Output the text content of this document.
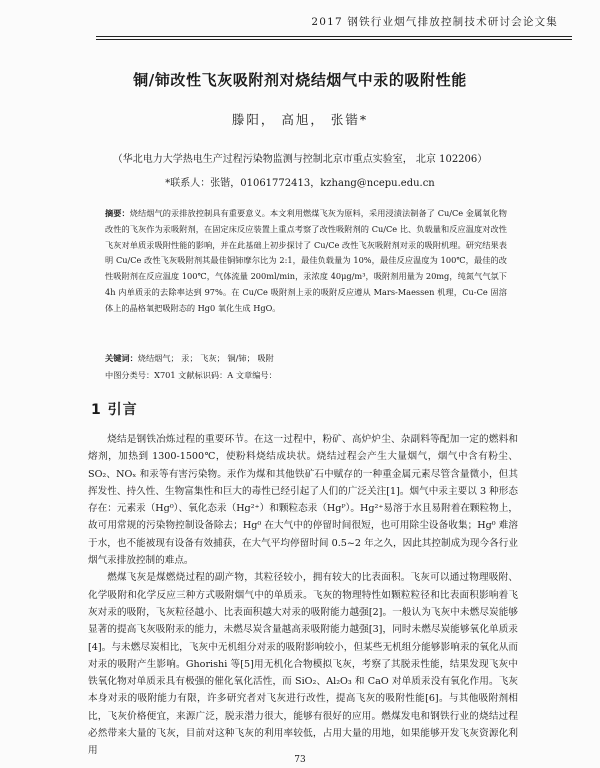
2017 钢铁行业烟气排放控制技术研讨会论文集
铜/铈改性飞灰吸附剂对烧结烟气中汞的吸附性能
滕阳， 高旭， 张锴*
（华北电力大学热电生产过程污染物监测与控制北京市重点实验室， 北京 102206）
*联系人：张锴，01061772413，kzhang@ncepu.edu.cn
摘要：烧结烟气的汞排放控制具有重要意义。本文利用燃煤飞灰为原料，采用浸渍法制备了 Cu/Ce 金属氧化物改性的飞灰作为汞吸附剂，在固定床反应装置上重点考察了改性吸附剂的 Cu/Ce 比、负载量和反应温度对改性飞灰对单质汞吸附性能的影响，并在此基础上初步探讨了 Cu/Ce 改性飞灰吸附剂对汞的吸附机理。研究结果表明 Cu/Ce 改性飞灰吸附剂其最佳铜铈摩尔比为 2:1，最佳负载量为 10%，最佳反应温度为 100℃，最佳的改性吸附剂在反应温度 100℃，气体流量 200ml/min，汞浓度 40μg/m³，吸附剂用量为 20mg，纯氮气气氛下 4h 内单质汞的去除率达到 97%。在 Cu/Ce 吸附剂上汞的吸附反应遵从 Mars-Maessen 机理，Cu-Ce 固溶体上的晶格氧把吸附态的 Hg0 氧化生成 HgO。
关键词：烧结烟气； 汞； 飞灰； 铜/铈； 吸附
中图分类号：X701 文献标识码：A 文章编号：
1 引言

烧结是钢铁冶炼过程的重要环节。在这一过程中，粉矿、高炉炉尘、杂副料等配加一定的燃料和熔剂，加热到 1300-1500℃，使粉料烧结成块状。烧结过程会产生大量烟气，烟气中含有粉尘、SO₂、NOₓ 和汞等有害污染物。汞作为煤和其他铁矿石中赋存的一种重金属元素尽管含量微小，但其挥发性、持久性、生物富集性和巨大的毒性已经引起了人们的广泛关注[1]。烟气中汞主要以 3 种形态存在：元素汞（Hg⁰）、氧化态汞（Hg²⁺）和颗粒态汞（Hgᴾ）。Hg²⁺易溶于水且易附着在颗粒物上，故可用常规的污染物控制设备除去；Hg⁰ 在大气中的停留时间很短，也可用除尘设备收集；Hg⁰ 难溶于水，也不能被现有设备有效捕获，在大气平均停留时间 0.5~2 年之久，因此其控制成为现今各行业烟气汞排放控制的难点。

燃煤飞灰是煤燃烧过程的副产物，其粒径较小，拥有较大的比表面积。飞灰可以通过物理吸附、化学吸附和化学反应三种方式吸附烟气中的单质汞。飞灰的物理特性如颗粒粒径和比表面积影响着飞灰对汞的吸附，飞灰粒径越小、比表面积越大对汞的吸附能力越强[2]。一般认为飞灰中未燃尽炭能够显著的提高飞灰吸附汞的能力，未燃尽炭含量越高汞吸附能力越强[3]，同时未燃尽炭能够氧化单质汞[4]。与未燃尽炭相比，飞灰中无机组分对汞的吸附影响较小，但某些无机组分能够影响汞的氧化从而对汞的吸附产生影响。Ghorishi 等[5]用无机化合物模拟飞灰，考察了其脱汞性能，结果发现飞灰中铁氧化物对单质汞具有极强的催化氧化活性，而 SiO₂、Al₂O₃ 和 CaO 对单质汞没有氧化作用。飞灰本身对汞的吸附能力有限，许多研究者对飞灰进行改性，提高飞灰的吸附性能[6]。与其他吸附剂相比，飞灰价格便宜，来源广泛，脱汞潜力很大，能够有很好的应用。燃煤发电和钢铁行业的烧结过程必然带来大量的飞灰，目前对这种飞灰的利用率较低，占用大量的用地，如果能够开发飞灰资源化利用

73
